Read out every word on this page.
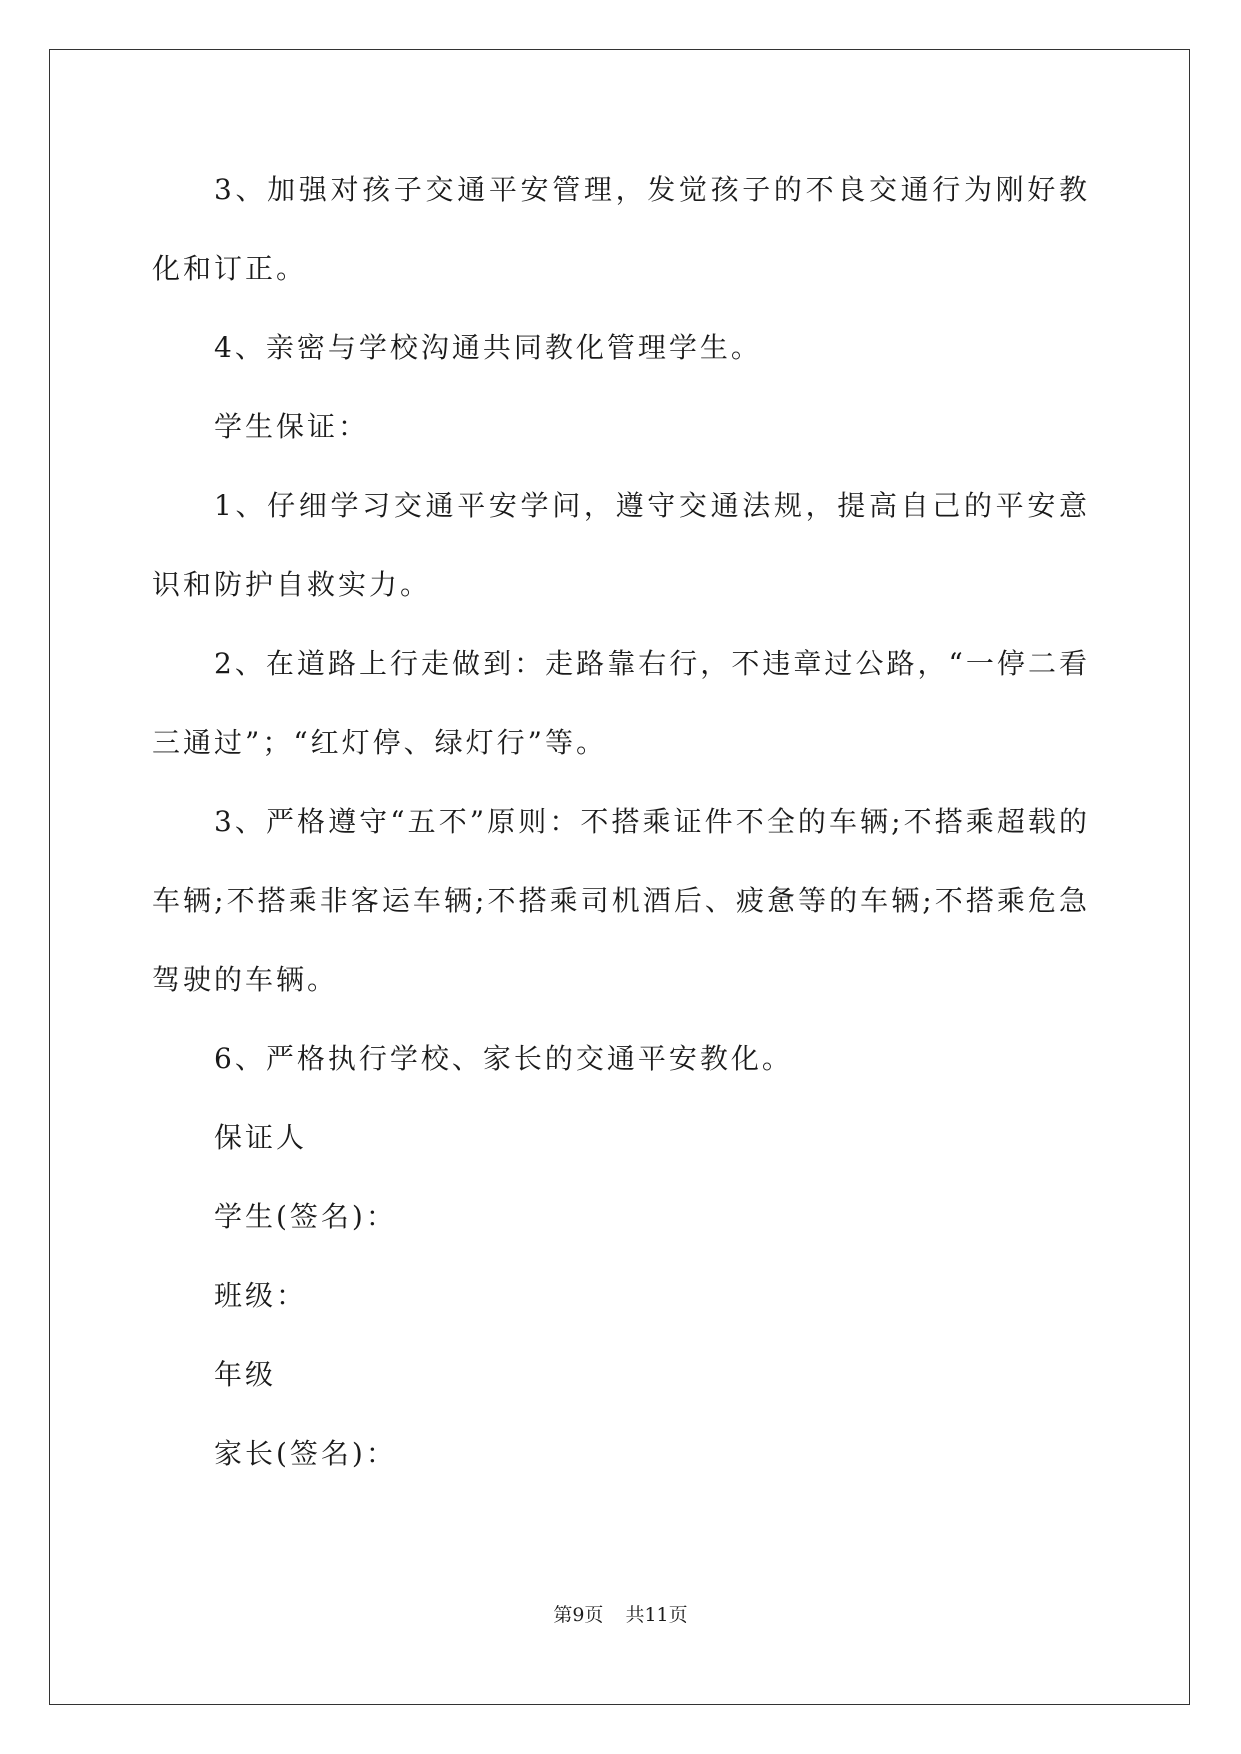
3、加强对孩子交通平安管理，发觉孩子的不良交通行为刚好教化和订正。

4、亲密与学校沟通共同教化管理学生。

学生保证：

1、仔细学习交通平安学问，遵守交通法规，提高自己的平安意识和防护自救实力。

2、在道路上行走做到：走路靠右行，不违章过公路，“一停二看三通过”；“红灯停、绿灯行”等。

3、严格遵守“五不”原则：不搭乘证件不全的车辆;不搭乘超载的车辆;不搭乘非客运车辆;不搭乘司机酒后、疲惫等的车辆;不搭乘危急驾驶的车辆。

6、严格执行学校、家长的交通平安教化。

保证人

学生(签名)：

班级：

年级

家长(签名)：

第9页 共11页
